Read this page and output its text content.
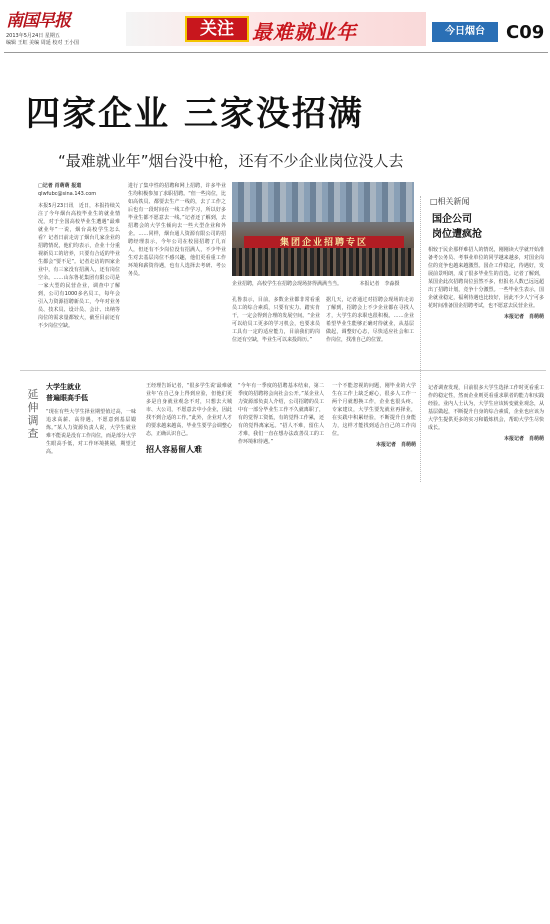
南国早报
2013年5月24日 星期五
编辑 王虹 美编 周延 校对 王小国
关注 最难就业年	今日烟台	C09
四家企业 三家没招满
“最难就业年”烟台没中枪，还有不少企业岗位没人去

□记者 肖萌萌 报道

qlwfubc@sina.143.com

本报5月23日讯　近日，本报持续关注了今年烟台高校毕业生的就业情况，对于全国高校毕业生遭遇“最难就业年”一说，烟台高校学生怎么看？记者日前走访了烟台几家企业的招聘情况，他们均表示，企业十分重视新员工的培养，只要有合适的毕业生都会“要不足”。记者走访的四家企业中，有三家没有招满人，还有岗位空余。……山东鲁花集团有限公司是一家大型的民营企业，调查中了解到，公司有1000多名员工，每年会引入力资源招聘新员工，今年对业务员、技术员、设计员、会计、出纳等岗位的需求量都较大，截至目前还有不少岗位空缺。

进行了集中性的招聘和网上招聘，许多毕业生均积极参加了求职招聘。“但一些岗位，比如高铁员、都要去生产一线的，去了工作之后也有一段时间在一线工作学习，所以好多毕业生都不愿意去一线。”记者还了解到，去招聘会的大学生倾向去一些大型企业和外企。……同样，烟台通人资源有限公司的招聘经理表示，今年公司在校园招聘了几百人，但还有不少岗位没有招满人，不少毕业生对去基层岗位不感兴趣，他们更看重工作环境和薪资待遇，也有人选择去考研、考公务员。

集团企业招聘专区
企业招聘，高校学生在招聘会现场挤得满满当当。　　　　本报记者　李淼摄

孔鲁表示，目前，多数企业都非常看重员工的综合素质，只要有实力、踏实肯干，一定会得到合理的发展空间。“企业可以给员工更多的学习机会，也要求员工具有一定的适应能力，目前我们的岗位还有空缺，毕业生可以来投简历。”

据几天，记者通过对招聘会现场的走访了解到，招聘会上不少企业都在寻找人才，大学生的求职也很积极。……企业希望毕业生能够正确对待就业，从基层做起，调整好心态，尽快适应社会和工作岗位，找准自己的位置。

□相关新闻
国企公司
岗位遭疯抢

相较于民企那样难招人的情况，刚刚读大学就开始准备考公务员、考事业单位的同学越来越多，对国企岗位的竞争也越来越激烈。国企工作稳定，待遇好，发展前景明朗，成了很多毕业生的首选。记者了解到，某国企此次招聘岗位虽然不多，但报名人数已远远超出了招聘计划，竞争十分激烈。一些毕业生表示，国企就业稳定，福利待遇也比较好，因此不少人宁可多花时间准备国企招聘考试，也不愿意去民营企业。

本报记者　肖萌萌

延伸调查
大学生就业
普遍眼高手低

“现在有些大学生择业期望值过高，一味追求高薪、高待遇，不愿意到基层锻炼。”某人力资源负责人说，大学生就业难不能说是没有工作岗位，而是部分大学生眼高手低，对工作环境挑剔，期望过高。

王经理告诉记者，“很多学生说‘最难就业年’在自己身上得到应验，但他们更多是自身就业观念不对，只想去大城市、大公司，不愿意去中小企业，因此找不到合适的工作。”此外，企业对人才的要求越来越高，毕业生要学会调整心态，正确认识自己。

招人容易留人难

“今年有一季度的招聘基本结束，第二季度的招聘将会向社会公开。”某企业人力资源部负责人介绍，公司招聘的员工中有一部分毕业生工作不久就离职了，有的觉得工资低，有的觉得工作累，还有的觉得离家远。“招人不难，留住人才难，我们一直在想办法改善员工的工作环境和待遇。”

一个不能忽视的问题，刚毕业的大学生在工作上缺乏耐心，很多人工作一两个月就想换工作，企业也很头疼。专家建议，大学生要先就业再择业，在实践中积累经验，不断提升自身能力，这样才能找到适合自己的工作岗位。

本报记者　肖萌萌

记者调查发现，目前很多大学生选择工作时更看重工作的稳定性，然而企业则更看重求职者的能力和实践经验。业内人士认为，大学生应该转变就业观念，从基层做起，不断提升自身的综合素质，企业也应该为大学生提供更多的实习和锻炼机会，帮助大学生尽快成长。

本报记者　肖萌萌
